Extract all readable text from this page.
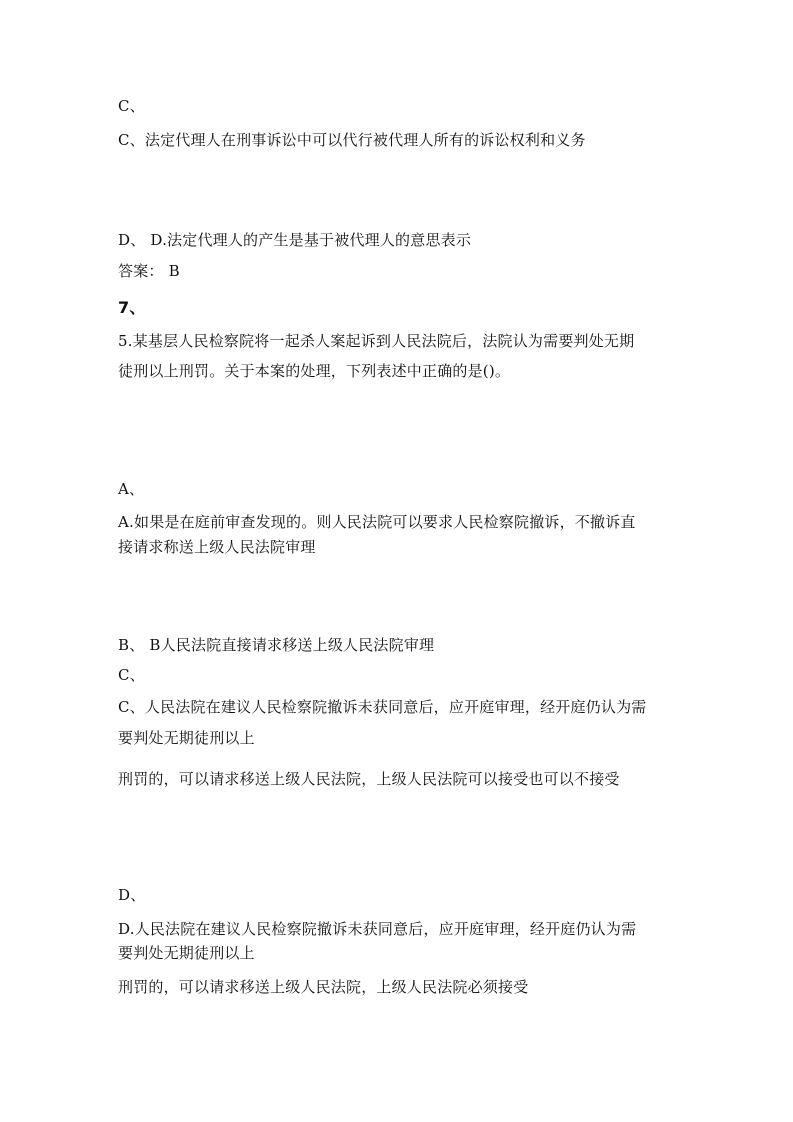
C、
C、法定代理人在刑事诉讼中可以代行被代理人所有的诉讼权利和义务
D、 D.法定代理人的产生是基于被代理人的意思表示
答案： B
7、
5.某基层人民检察院将一起杀人案起诉到人民法院后，法院认为需要判处无期
徒刑以上刑罚。关于本案的处理，下列表述中正确的是()。
A、
A.如果是在庭前审查发现的。则人民法院可以要求人民检察院撤诉，不撤诉直
接请求称送上级人民法院审理
B、 B人民法院直接请求移送上级人民法院审理
C、
C、人民法院在建议人民检察院撤诉未获同意后，应开庭审理，经开庭仍认为需
要判处无期徒刑以上
刑罚的，可以请求移送上级人民法院，上级人民法院可以接受也可以不接受
D、
D.人民法院在建议人民检察院撤诉未获同意后，应开庭审理，经开庭仍认为需
要判处无期徒刑以上
刑罚的，可以请求移送上级人民法院，上级人民法院必须接受
